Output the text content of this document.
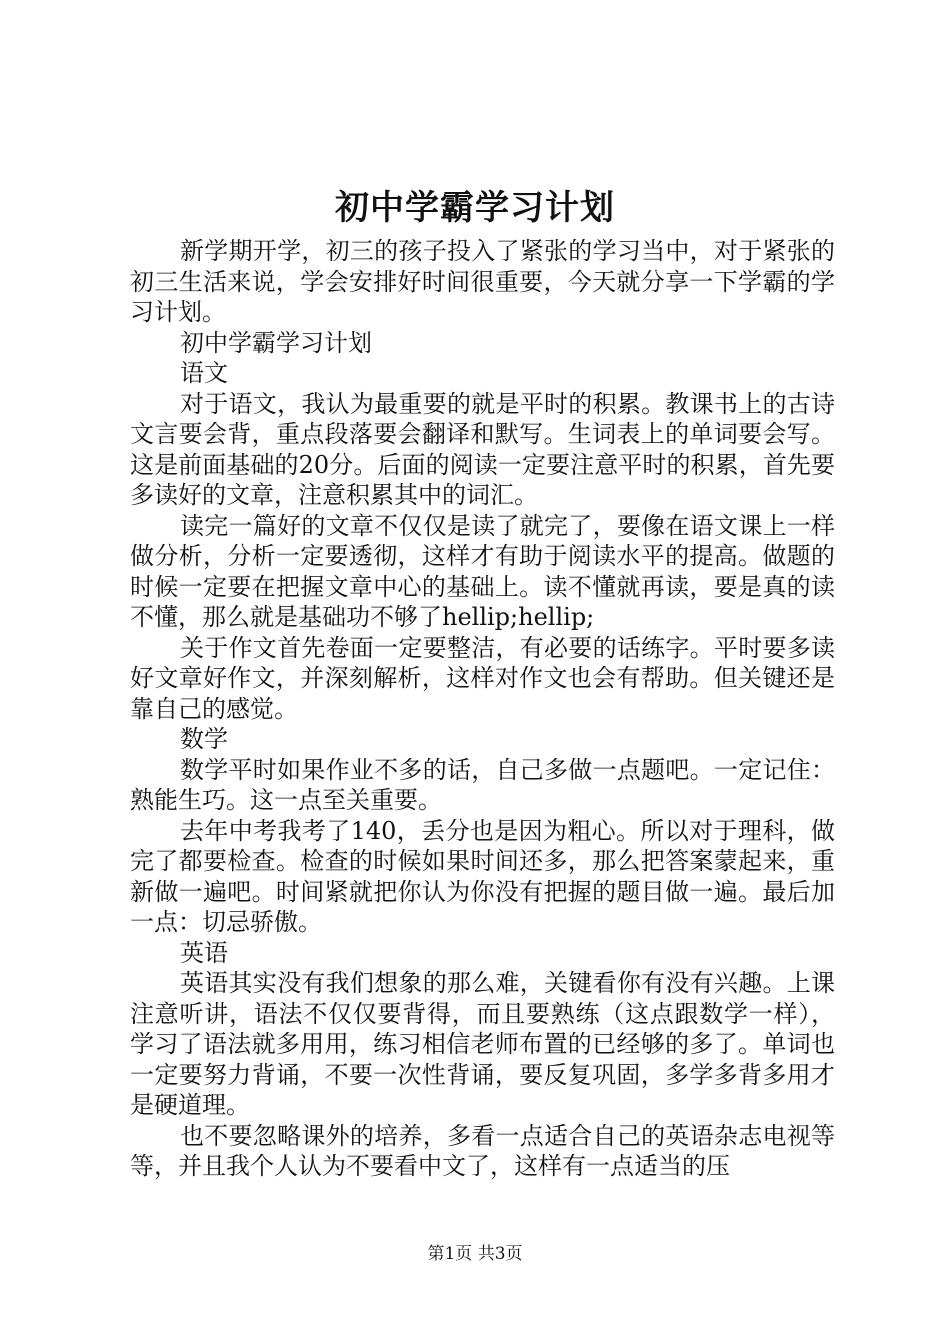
初中学霸学习计划

新学期开学，初三的孩子投入了紧张的学习当中，对于紧张的初三生活来说，学会安排好时间很重要，今天就分享一下学霸的学习计划。

初中学霸学习计划

语文

对于语文，我认为最重要的就是平时的积累。教课书上的古诗文言要会背，重点段落要会翻译和默写。生词表上的单词要会写。这是前面基础的20分。后面的阅读一定要注意平时的积累，首先要多读好的文章，注意积累其中的词汇。

读完一篇好的文章不仅仅是读了就完了，要像在语文课上一样做分析，分析一定要透彻，这样才有助于阅读水平的提高。做题的时候一定要在把握文章中心的基础上。读不懂就再读，要是真的读不懂，那么就是基础功不够了hellip;hellip;

关于作文首先卷面一定要整洁，有必要的话练字。平时要多读好文章好作文，并深刻解析，这样对作文也会有帮助。但关键还是靠自己的感觉。

数学

数学平时如果作业不多的话，自己多做一点题吧。一定记住：熟能生巧。这一点至关重要。

去年中考我考了140，丢分也是因为粗心。所以对于理科，做完了都要检查。检查的时候如果时间还多，那么把答案蒙起来，重新做一遍吧。时间紧就把你认为你没有把握的题目做一遍。最后加一点：切忌骄傲。

英语

英语其实没有我们想象的那么难，关键看你有没有兴趣。上课注意听讲，语法不仅仅要背得，而且要熟练（这点跟数学一样），学习了语法就多用用，练习相信老师布置的已经够的多了。单词也一定要努力背诵，不要一次性背诵，要反复巩固，多学多背多用才是硬道理。

也不要忽略课外的培养，多看一点适合自己的英语杂志电视等等，并且我个人认为不要看中文了，这样有一点适当的压

第1页 共3页
